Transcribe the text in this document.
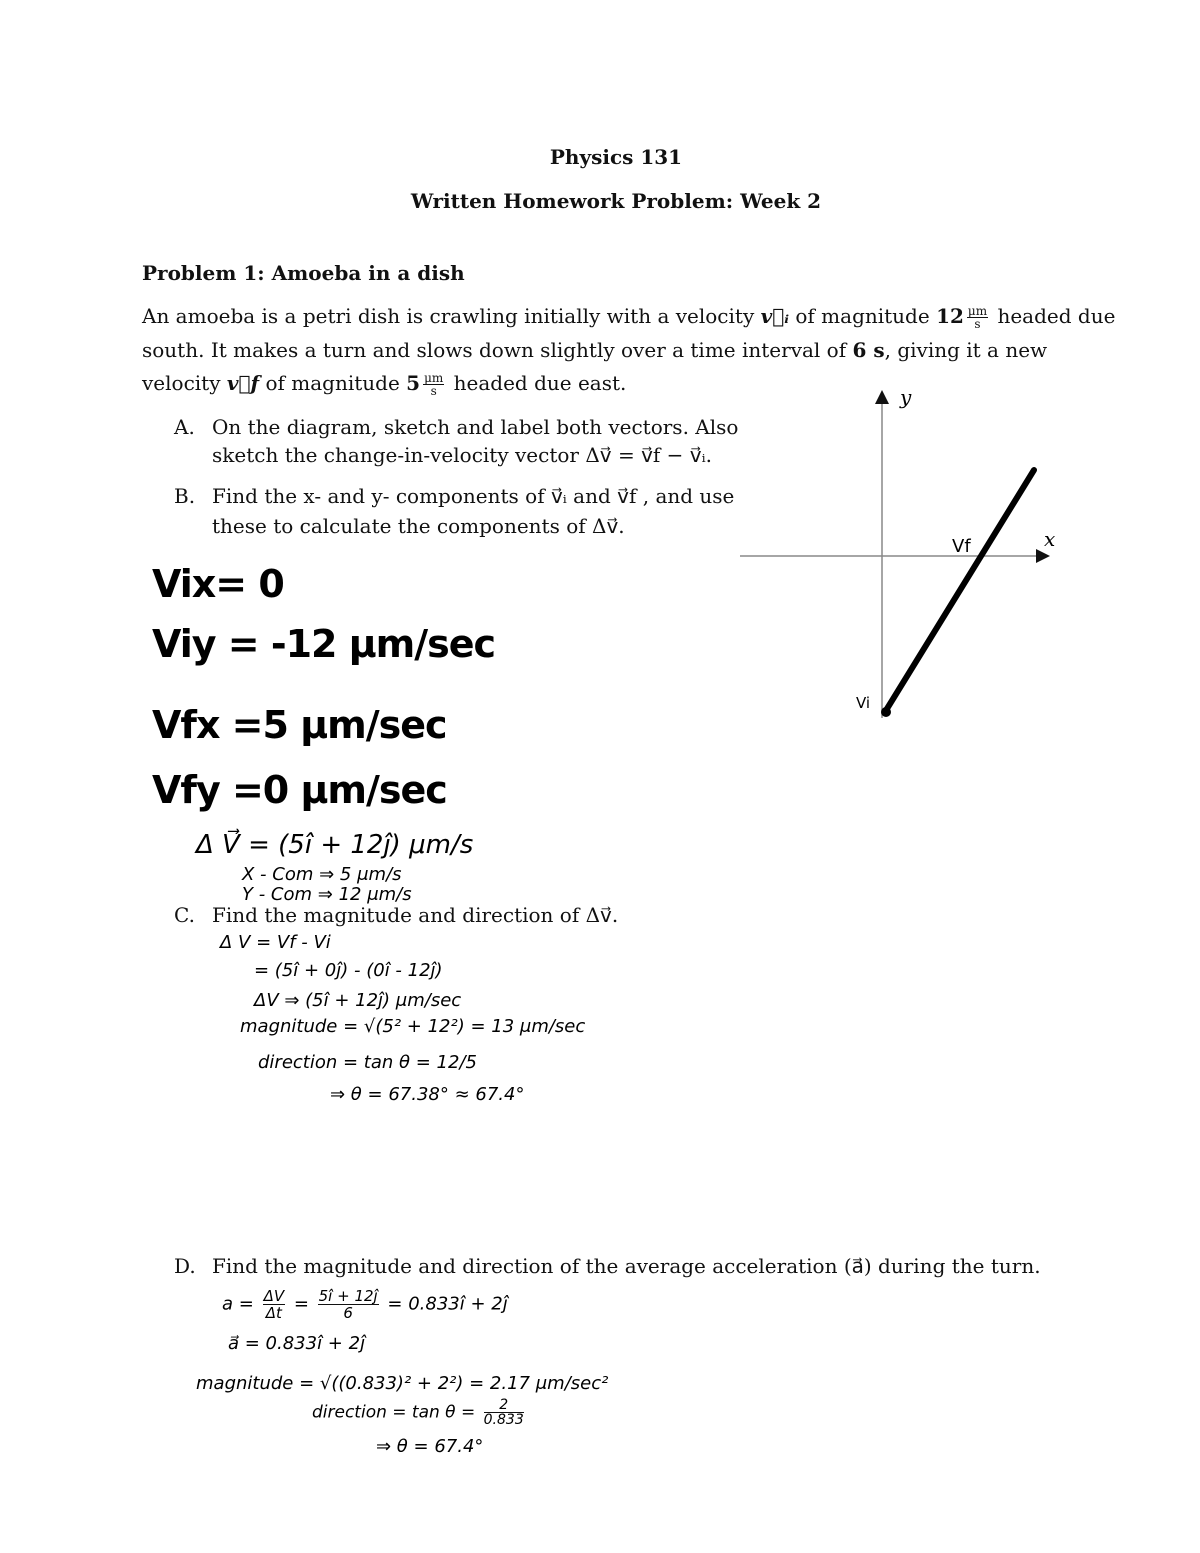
Physics 131
Written Homework Problem: Week 2
Problem 1: Amoeba in a dish
An amoeba is a petri dish is crawling initially with a velocity v⃗ᵢ of magnitude $12 \frac{\mu m}{s}$ headed due
south. It makes a turn and slows down slightly over a time interval of 6 s, giving it a new
velocity v⃗f of magnitude $5 \frac{\mu m}{s}$ headed due east.
A. On the diagram, sketch and label both vectors. Also
sketch the change-in-velocity vector Δv⃗ = v⃗f − v⃗ᵢ.
B. Find the x- and y- components of v⃗ᵢ and v⃗f , and use
these to calculate the components of Δv⃗.
y
x
Vf
Vi
Vix= 0
Viy = -12 μm/sec
Vfx =5 μm/sec
Vfy =0 μm/sec
Δ V⃗ = (5î + 12ĵ) μm/s
X - Com ⇒ 5 μm/s
Y - Com ⇒ 12 μm/s
C. Find the magnitude and direction of Δv⃗.
Δ V = Vf - Vi
= (5î + 0ĵ) - (0î - 12ĵ)
ΔV ⇒ (5î + 12ĵ) μm/sec
magnitude = √(5² + 12²) = 13 μm/sec
direction = tan θ = 12/5
⇒ θ = 67.38° ≈ 67.4°
D. Find the magnitude and direction of the average acceleration (a⃗) during the turn.
$a = \frac{\Delta V}{\Delta t} = \frac{5î + 12ĵ}{6}$ = 0.833î + 2ĵ
a⃗ = 0.833î + 2ĵ
magnitude = √((0.833)² + 2²) = 2.17 μm/sec²
direction = $\tan \theta = \frac{2}{0.833}$
⇒ θ = 67.4°
